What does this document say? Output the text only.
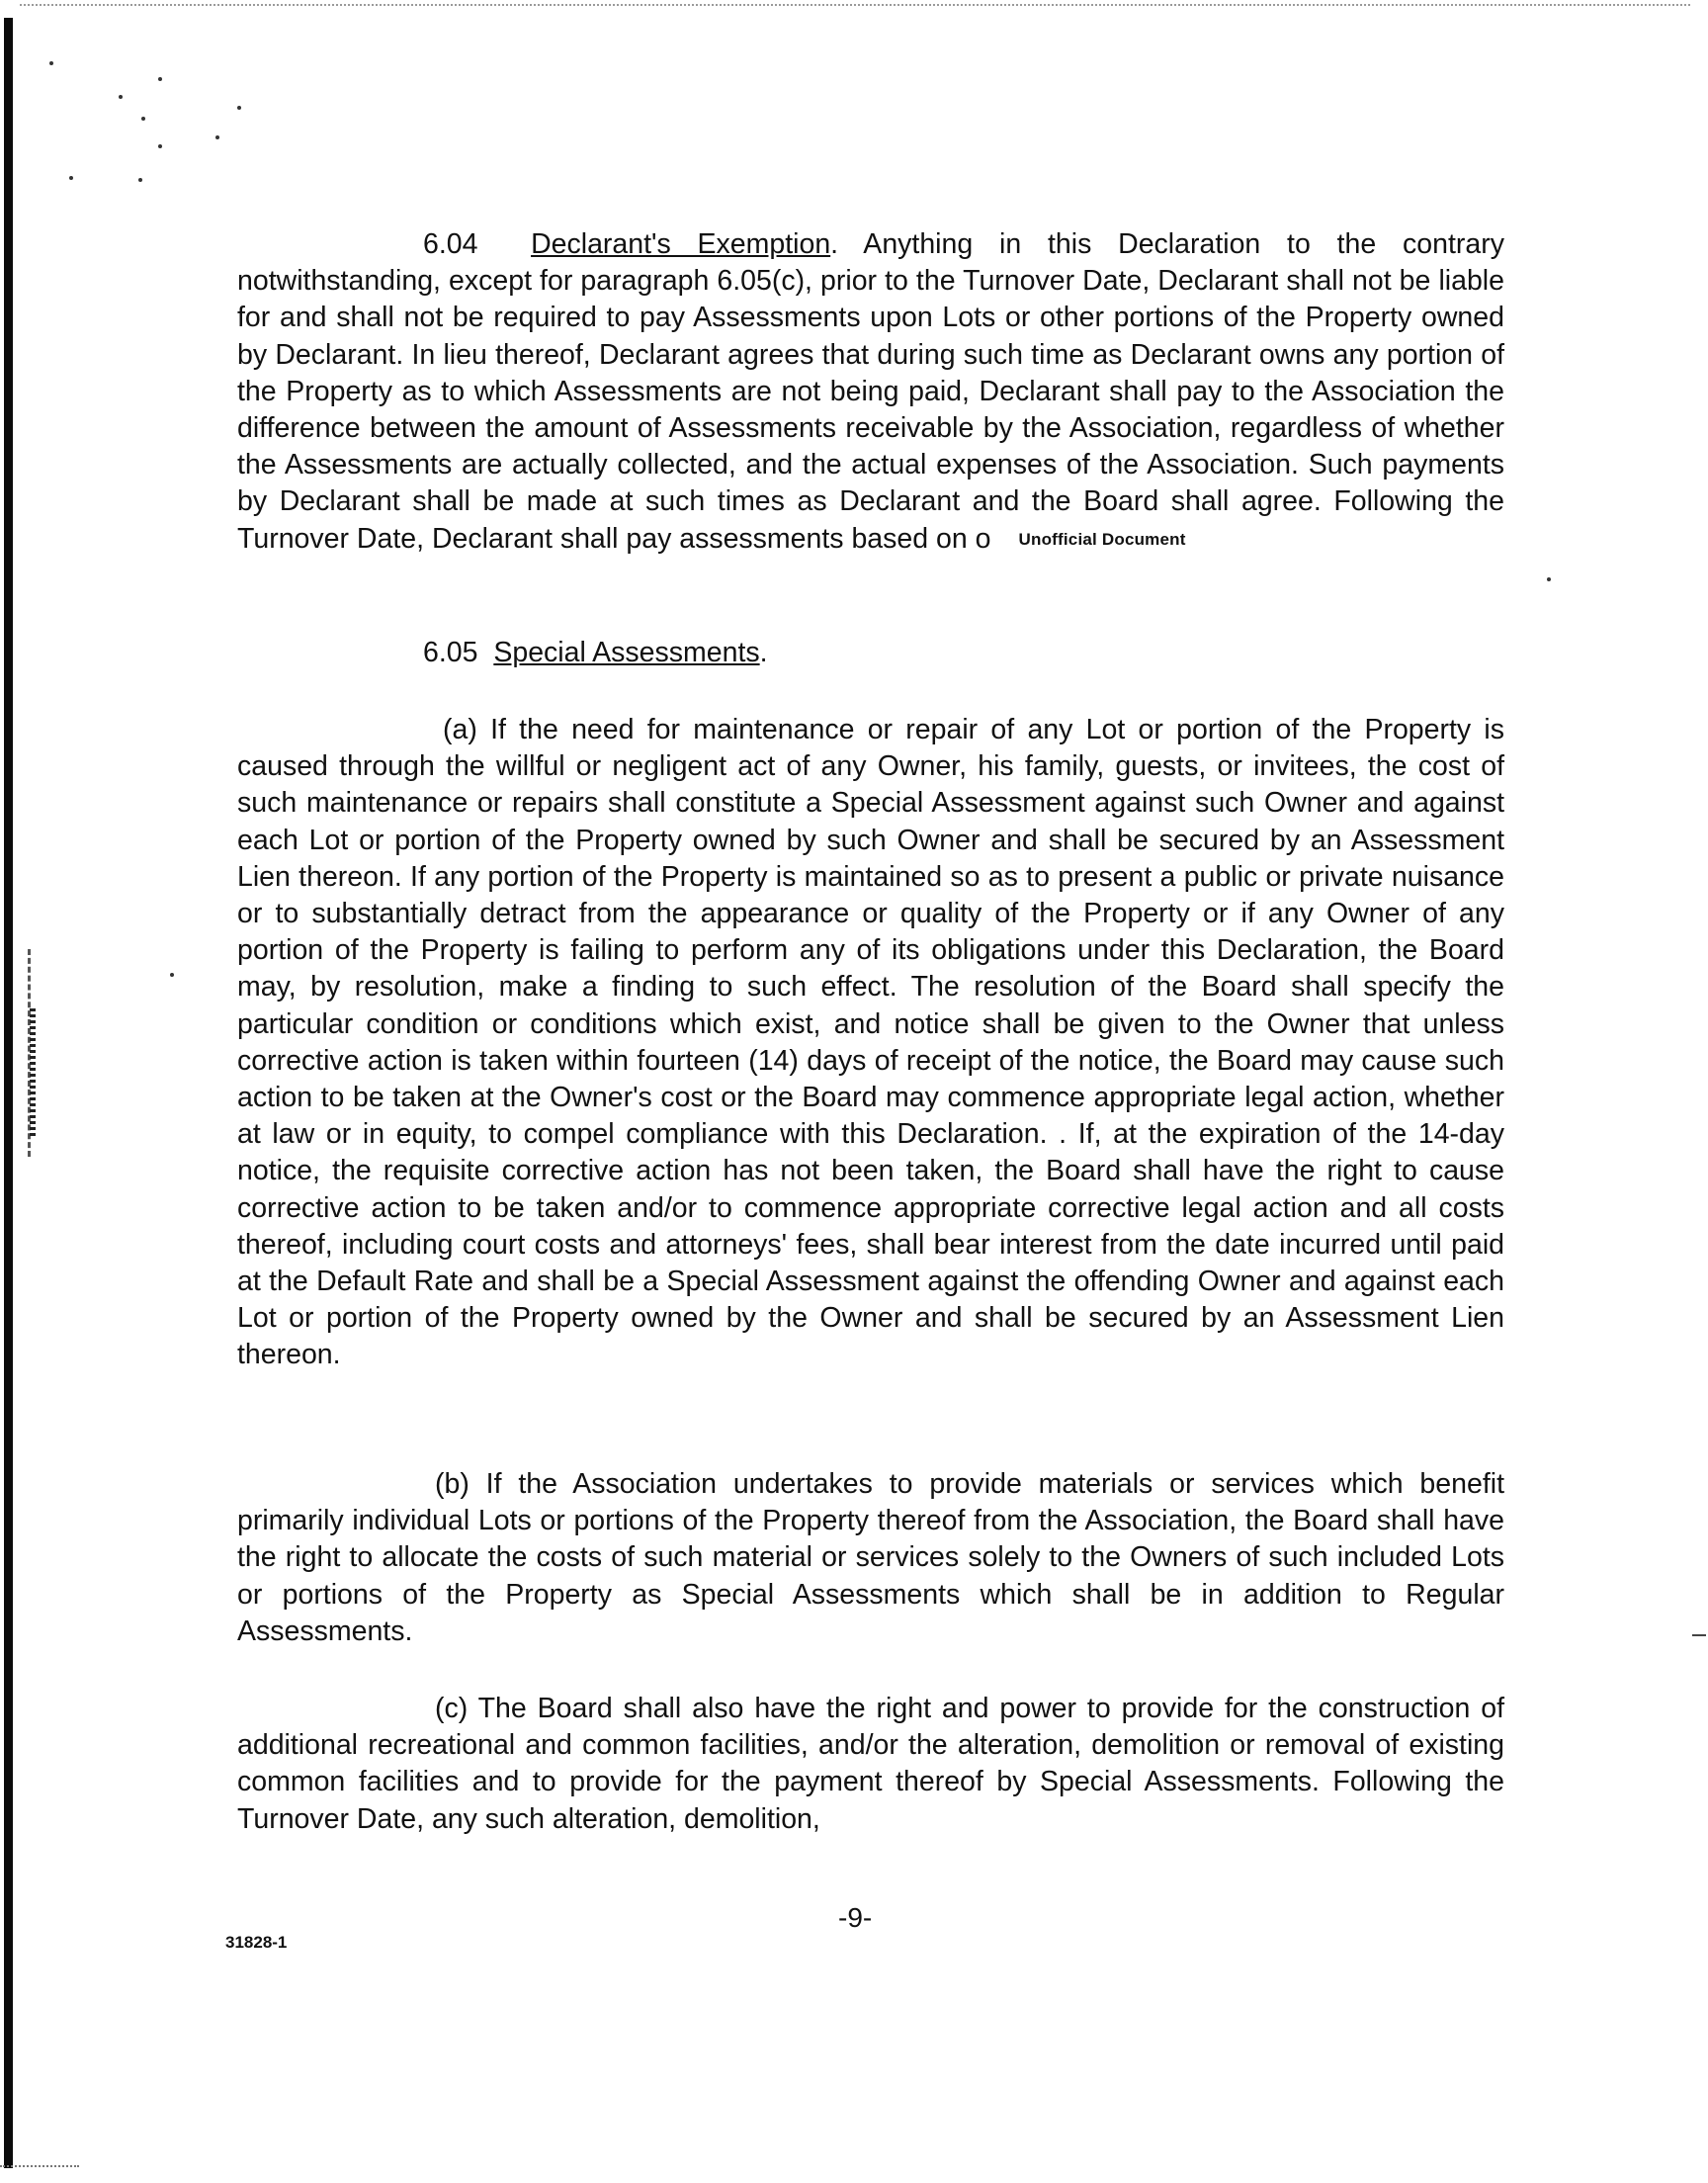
6.04 Declarant's Exemption. Anything in this Declaration to the contrary notwithstanding, except for paragraph 6.05(c), prior to the Turnover Date, Declarant shall not be liable for and shall not be required to pay Assessments upon Lots or other portions of the Property owned by Declarant. In lieu thereof, Declarant agrees that during such time as Declarant owns any portion of the Property as to which Assessments are not being paid, Declarant shall pay to the Association the difference between the amount of Assessments receivable by the Association, regardless of whether the Assessments are actually collected, and the actual expenses of the Association. Such payments by Declarant shall be made at such times as Declarant and the Board shall agree. Following the Turnover Date, Declarant shall pay assessments based on o Unofficial Document

6.05 Special Assessments.

(a) If the need for maintenance or repair of any Lot or portion of the Property is caused through the willful or negligent act of any Owner, his family, guests, or invitees, the cost of such maintenance or repairs shall constitute a Special Assessment against such Owner and against each Lot or portion of the Property owned by such Owner and shall be secured by an Assessment Lien thereon. If any portion of the Property is maintained so as to present a public or private nuisance or to substantially detract from the appearance or quality of the Property or if any Owner of any portion of the Property is failing to perform any of its obligations under this Declaration, the Board may, by resolution, make a finding to such effect. The resolution of the Board shall specify the particular condition or conditions which exist, and notice shall be given to the Owner that unless corrective action is taken within fourteen (14) days of receipt of the notice, the Board may cause such action to be taken at the Owner's cost or the Board may commence appropriate legal action, whether at law or in equity, to compel compliance with this Declaration. . If, at the expiration of the 14-day notice, the requisite corrective action has not been taken, the Board shall have the right to cause corrective action to be taken and/or to commence appropriate corrective legal action and all costs thereof, including court costs and attorneys' fees, shall bear interest from the date incurred until paid at the Default Rate and shall be a Special Assessment against the offending Owner and against each Lot or portion of the Property owned by the Owner and shall be secured by an Assessment Lien thereon.

(b) If the Association undertakes to provide materials or services which benefit primarily individual Lots or portions of the Property thereof from the Association, the Board shall have the right to allocate the costs of such material or services solely to the Owners of such included Lots or portions of the Property as Special Assessments which shall be in addition to Regular Assessments.

(c) The Board shall also have the right and power to provide for the construction of additional recreational and common facilities, and/or the alteration, demolition or removal of existing common facilities and to provide for the payment thereof by Special Assessments. Following the Turnover Date, any such alteration, demolition,

-9-
31828-1
